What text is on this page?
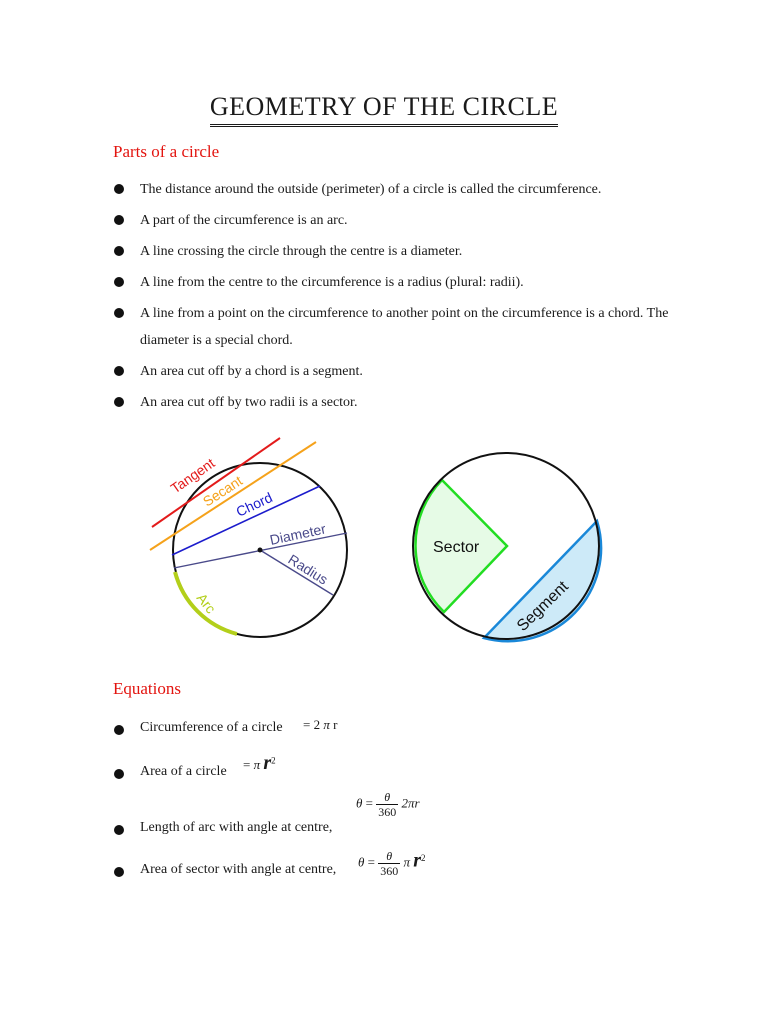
GEOMETRY OF THE CIRCLE
Parts of a circle
The distance around the outside (perimeter) of a circle is called the circumference.
A part of the circumference is an arc.
A line crossing the circle through the centre is a diameter.
A line from the centre to the circumference is a radius (plural: radii).
A line from a point on the circumference to another point on the circumference is a chord. The diameter is a special chord.
An area cut off by a chord is a segment.
An area cut off by two radii is a sector.
Tangent
Secant
Chord
Diameter
Radius
Arc
Sector
Segment
Equations
Circumference of a circle = 2 π r
Area of a circle = π $r^2$
Length of arc with angle at centre,
$\theta = \frac{\theta}{360} 2\pi r$
Area of sector with angle at centre,
$\theta = \frac{\theta}{360}$ π $r^2$
